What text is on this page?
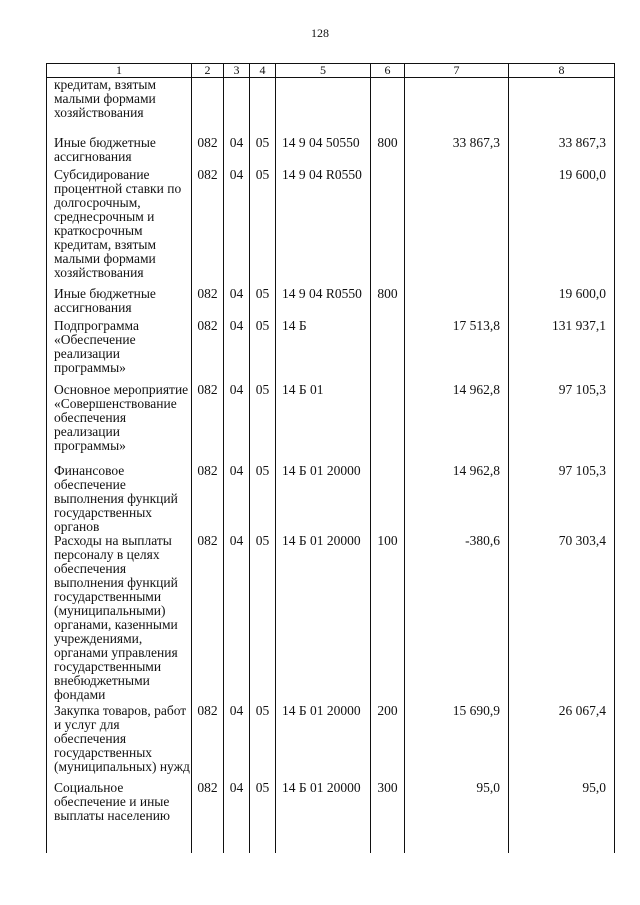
128
1	2	3	4	5	6	7	8
кредитам, взятым малыми формами хозяйствования							
Иные бюджетные ассигнования	082	04	05	14 9 04 50550	800	33 867,3	33 867,3
Субсидирование процентной ставки по долгосрочным, среднесрочным и краткосрочным кредитам, взятым малыми формами хозяйствования	082	04	05	14 9 04 R0550			19 600,0
Иные бюджетные ассигнования	082	04	05	14 9 04 R0550	800		19 600,0
Подпрограмма «Обеспечение реализации программы»	082	04	05	14 Б		17 513,8	131 937,1
Основное мероприятие «Совершенствование обеспечения реализации программы»	082	04	05	14 Б 01		14 962,8	97 105,3
Финансовое обеспечение выполнения функций государственных органов	082	04	05	14 Б 01 20000		14 962,8	97 105,3
Расходы на выплаты персоналу в целях обеспечения выполнения функций государственными (муниципальными) органами, казенными учреждениями, органами управления государственными внебюджетными фондами	082	04	05	14 Б 01 20000	100	-380,6	70 303,4
Закупка товаров, работ и услуг для обеспечения государственных (муниципальных) нужд	082	04	05	14 Б 01 20000	200	15 690,9	26 067,4
Социальное обеспечение и иные выплаты населению	082	04	05	14 Б 01 20000	300	95,0	95,0
